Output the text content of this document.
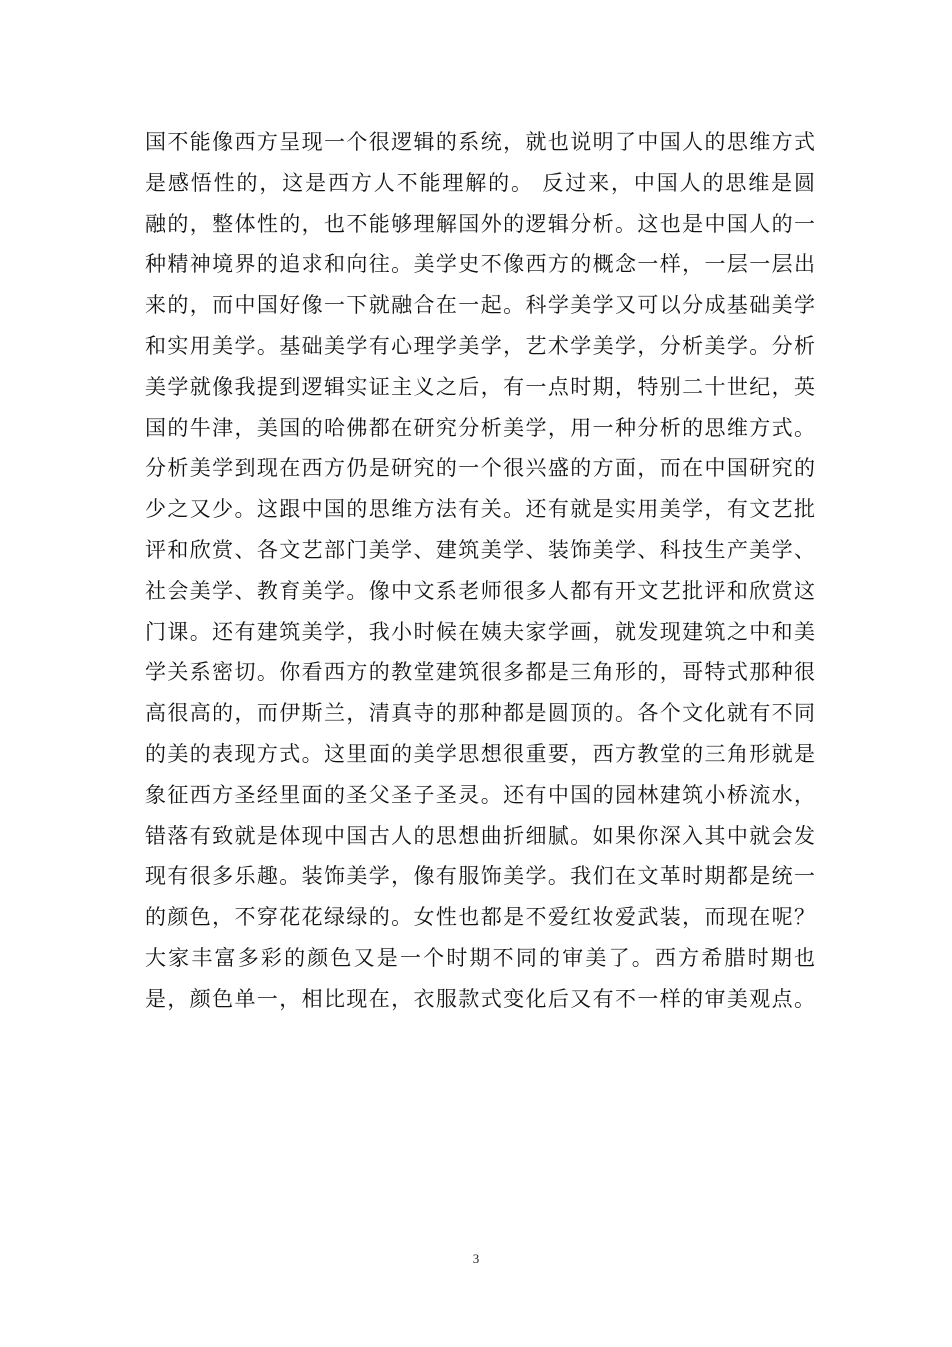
国不能像西方呈现一个很逻辑的系统，就也说明了中国人的思维方式
是感悟性的，这是西方人不能理解的。 反过来，中国人的思维是圆
融的，整体性的，也不能够理解国外的逻辑分析。这也是中国人的一
种精神境界的追求和向往。美学史不像西方的概念一样，一层一层出
来的，而中国好像一下就融合在一起。科学美学又可以分成基础美学
和实用美学。基础美学有心理学美学，艺术学美学，分析美学。分析
美学就像我提到逻辑实证主义之后，有一点时期，特别二十世纪，英
国的牛津，美国的哈佛都在研究分析美学，用一种分析的思维方式。
分析美学到现在西方仍是研究的一个很兴盛的方面，而在中国研究的
少之又少。这跟中国的思维方法有关。还有就是实用美学，有文艺批
评和欣赏、各文艺部门美学、建筑美学、装饰美学、科技生产美学、
社会美学、教育美学。像中文系老师很多人都有开文艺批评和欣赏这
门课。还有建筑美学，我小时候在姨夫家学画，就发现建筑之中和美
学关系密切。你看西方的教堂建筑很多都是三角形的，哥特式那种很
高很高的，而伊斯兰，清真寺的那种都是圆顶的。各个文化就有不同
的美的表现方式。这里面的美学思想很重要，西方教堂的三角形就是
象征西方圣经里面的圣父圣子圣灵。还有中国的园林建筑小桥流水，
错落有致就是体现中国古人的思想曲折细腻。如果你深入其中就会发
现有很多乐趣。装饰美学，像有服饰美学。我们在文革时期都是统一
的颜色，不穿花花绿绿的。女性也都是不爱红妆爱武装，而现在呢？
大家丰富多彩的颜色又是一个时期不同的审美了。西方希腊时期也
是，颜色单一，相比现在，衣服款式变化后又有不一样的审美观点。
3
